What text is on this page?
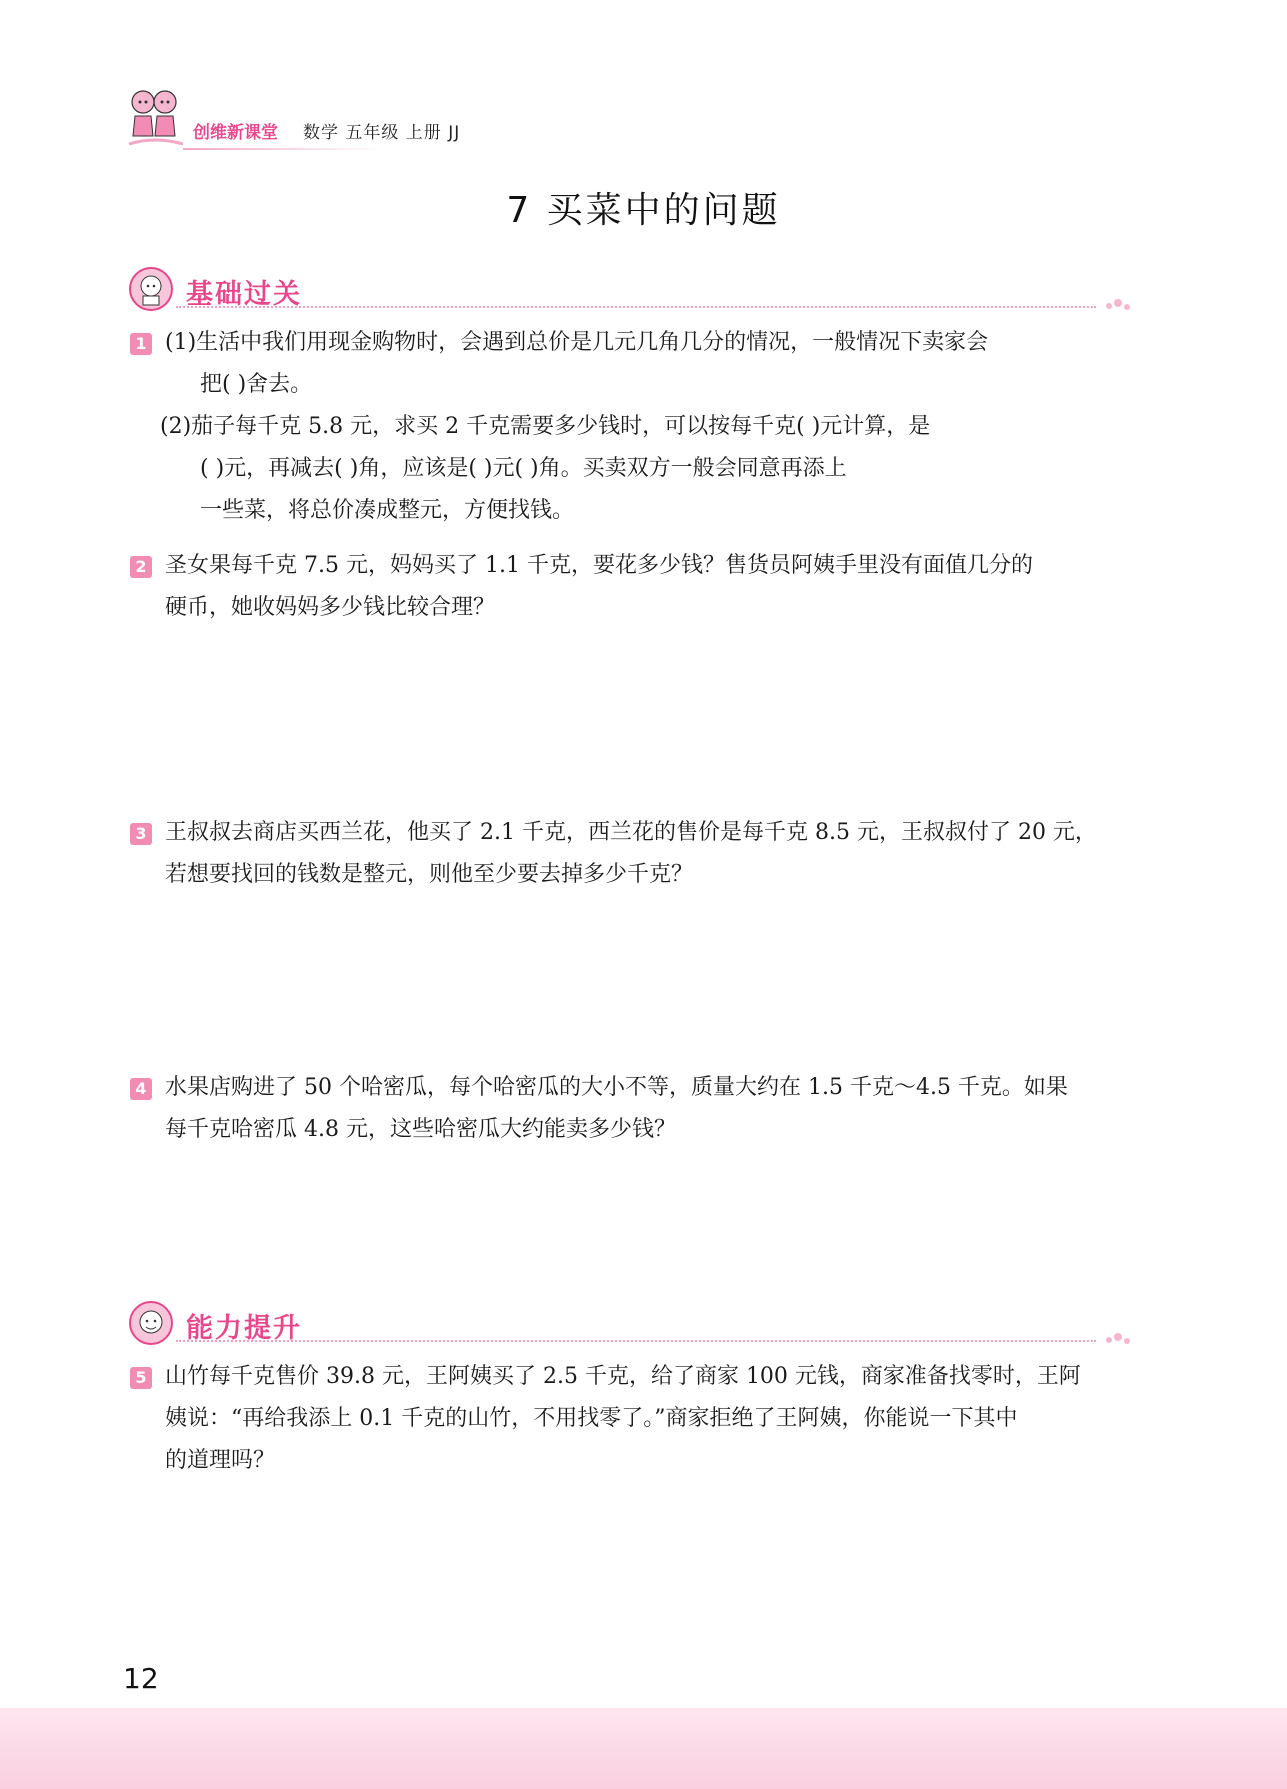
创维新课堂 数学 五年级 上册 JJ
7 买菜中的问题
基础过关
1 (1)生活中我们用现金购物时，会遇到总价是几元几角几分的情况，一般情况下卖家会
把( )舍去。
(2)茄子每千克 5.8 元，求买 2 千克需要多少钱时，可以按每千克( )元计算，是
( )元，再减去( )角，应该是( )元( )角。买卖双方一般会同意再添上
一些菜，将总价凑成整元，方便找钱。
2 圣女果每千克 7.5 元，妈妈买了 1.1 千克，要花多少钱？售货员阿姨手里没有面值几分的
硬币，她收妈妈多少钱比较合理？
3 王叔叔去商店买西兰花，他买了 2.1 千克，西兰花的售价是每千克 8.5 元，王叔叔付了 20 元，
若想要找回的钱数是整元，则他至少要去掉多少千克？
4 水果店购进了 50 个哈密瓜，每个哈密瓜的大小不等，质量大约在 1.5 千克～4.5 千克。如果
每千克哈密瓜 4.8 元，这些哈密瓜大约能卖多少钱？
能力提升
5 山竹每千克售价 39.8 元，王阿姨买了 2.5 千克，给了商家 100 元钱，商家准备找零时，王阿
姨说：“再给我添上 0.1 千克的山竹，不用找零了。”商家拒绝了王阿姨，你能说一下其中
的道理吗？
12
